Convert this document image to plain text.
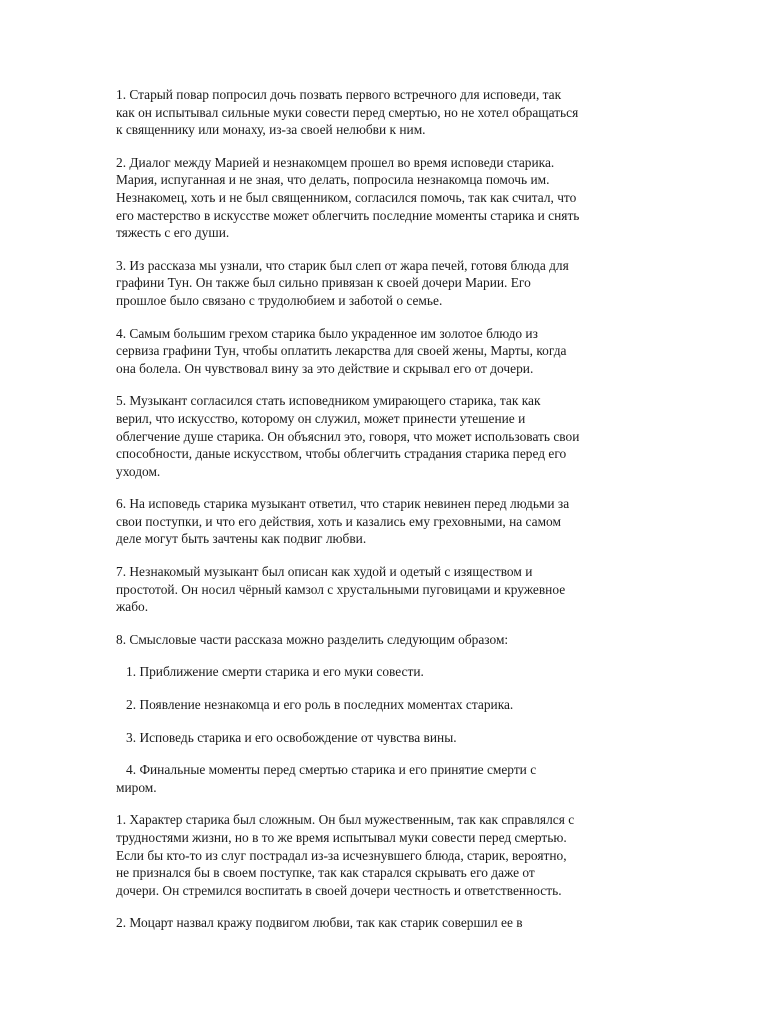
1. Старый повар попросил дочь позвать первого встречного для исповеди, так
как он испытывал сильные муки совести перед смертью, но не хотел обращаться
к священнику или монаху, из-за своей нелюбви к ним.

2. Диалог между Марией и незнакомцем прошел во время исповеди старика.
Мария, испуганная и не зная, что делать, попросила незнакомца помочь им.
Незнакомец, хоть и не был священником, согласился помочь, так как считал, что
его мастерство в искусстве может облегчить последние моменты старика и снять
тяжесть с его души.

3. Из рассказа мы узнали, что старик был слеп от жара печей, готовя блюда для
графини Тун. Он также был сильно привязан к своей дочери Марии. Его
прошлое было связано с трудолюбием и заботой о семье.

4. Самым большим грехом старика было украденное им золотое блюдо из
сервиза графини Тун, чтобы оплатить лекарства для своей жены, Марты, когда
она болела. Он чувствовал вину за это действие и скрывал его от дочери.

5. Музыкант согласился стать исповедником умирающего старика, так как
верил, что искусство, которому он служил, может принести утешение и
облегчение душе старика. Он объяснил это, говоря, что может использовать свои
способности, даные искусством, чтобы облегчить страдания старика перед его
уходом.

6. На исповедь старика музыкант ответил, что старик невинен перед людьми за
свои поступки, и что его действия, хоть и казались ему греховными, на самом
деле могут быть зачтены как подвиг любви.

7. Незнакомый музыкант был описан как худой и одетый с изяществом и
простотой. Он носил чёрный камзол с хрустальными пуговицами и кружевное
жабо.

8. Смысловые части рассказа можно разделить следующим образом:

1. Приближение смерти старика и его муки совести.

2. Появление незнакомца и его роль в последних моментах старика.

3. Исповедь старика и его освобождение от чувства вины.

4. Финальные моменты перед смертью старика и его принятие смерти с
миром.

1. Характер старика был сложным. Он был мужественным, так как справлялся с
трудностями жизни, но в то же время испытывал муки совести перед смертью.
Если бы кто-то из слуг пострадал из-за исчезнувшего блюда, старик, вероятно,
не признался бы в своем поступке, так как старался скрывать его даже от
дочери. Он стремился воспитать в своей дочери честность и ответственность.

2. Моцарт назвал кражу подвигом любви, так как старик совершил ее в
